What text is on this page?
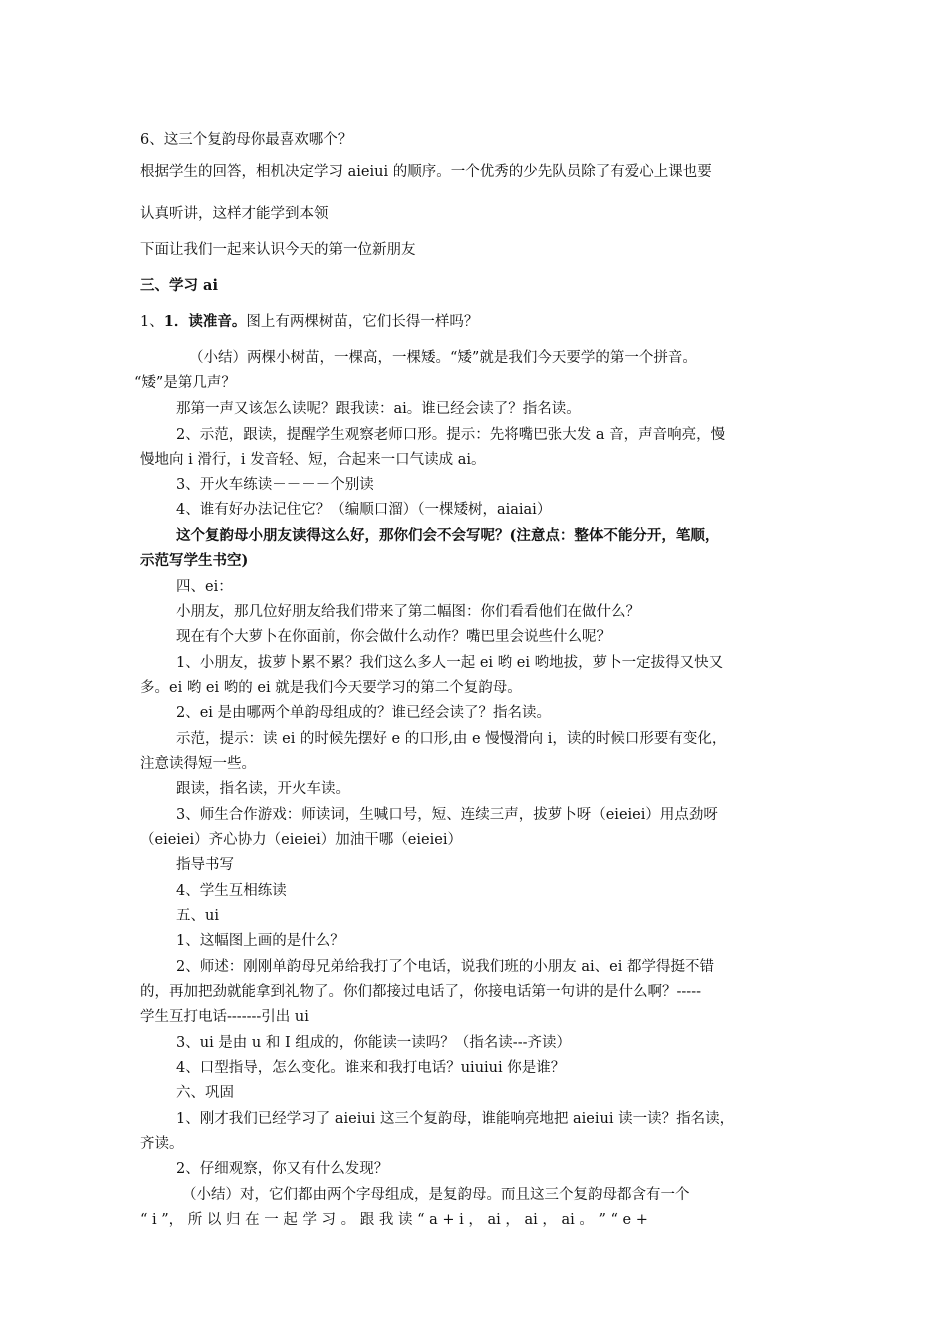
6、这三个复韵母你最喜欢哪个？
根据学生的回答，相机决定学习 aieiui 的顺序。一个优秀的少先队员除了有爱心上课也要
认真听讲，这样才能学到本领
下面让我们一起来认识今天的第一位新朋友
三、学习 ai
1、1．读准音。图上有两棵树苗，它们长得一样吗？
（小结）两棵小树苗，一棵高，一棵矮。“矮”就是我们今天要学的第一个拼音。
“矮”是第几声？
那第一声又该怎么读呢？跟我读：ai。谁已经会读了？指名读。
2、示范，跟读，提醒学生观察老师口形。提示：先将嘴巴张大发 a 音，声音响亮，慢
慢地向 i 滑行，i 发音轻、短，合起来一口气读成 ai。
3、开火车练读－－－－个别读
4、谁有好办法记住它？（编顺口溜）（一棵矮树，aiaiai）
这个复韵母小朋友读得这么好，那你们会不会写呢？(注意点：整体不能分开，笔顺，
示范写学生书空)
四、ei：
小朋友，那几位好朋友给我们带来了第二幅图：你们看看他们在做什么？
现在有个大萝卜在你面前，你会做什么动作？嘴巴里会说些什么呢？
1、小朋友，拔萝卜累不累？我们这么多人一起 ei 哟 ei 哟地拔，萝卜一定拔得又快又
多。ei 哟 ei 哟的 ei 就是我们今天要学习的第二个复韵母。
2、ei 是由哪两个单韵母组成的？谁已经会读了？指名读。
示范，提示：读 ei 的时候先摆好 e 的口形,由 e 慢慢滑向 i，读的时候口形要有变化，
注意读得短一些。
跟读，指名读，开火车读。
3、师生合作游戏：师读词，生喊口号，短、连续三声，拔萝卜呀（eieiei）用点劲呀
（eieiei）齐心协力（eieiei）加油干哪（eieiei）
指导书写
4、学生互相练读
五、ui
1、这幅图上画的是什么？
2、师述：刚刚单韵母兄弟给我打了个电话，说我们班的小朋友 ai、ei 都学得挺不错
的，再加把劲就能拿到礼物了。你们都接过电话了，你接电话第一句讲的是什么啊？-----
学生互打电话-------引出 ui
3、ui 是由 u 和 I 组成的，你能读一读吗？（指名读---齐读）
4、口型指导，怎么变化。谁来和我打电话？uiuiui 你是谁？
六、巩固
1、刚才我们已经学习了 aieiui 这三个复韵母，谁能响亮地把 aieiui 读一读？指名读，
齐读。
2、仔细观察，你又有什么发现？
（小结）对，它们都由两个字母组成，是复韵母。而且这三个复韵母都含有一个
“ i ”， 所 以 归 在 一 起 学 习 。 跟 我 读 “ a + i ， ai ， ai ， ai 。 ” “ e +
